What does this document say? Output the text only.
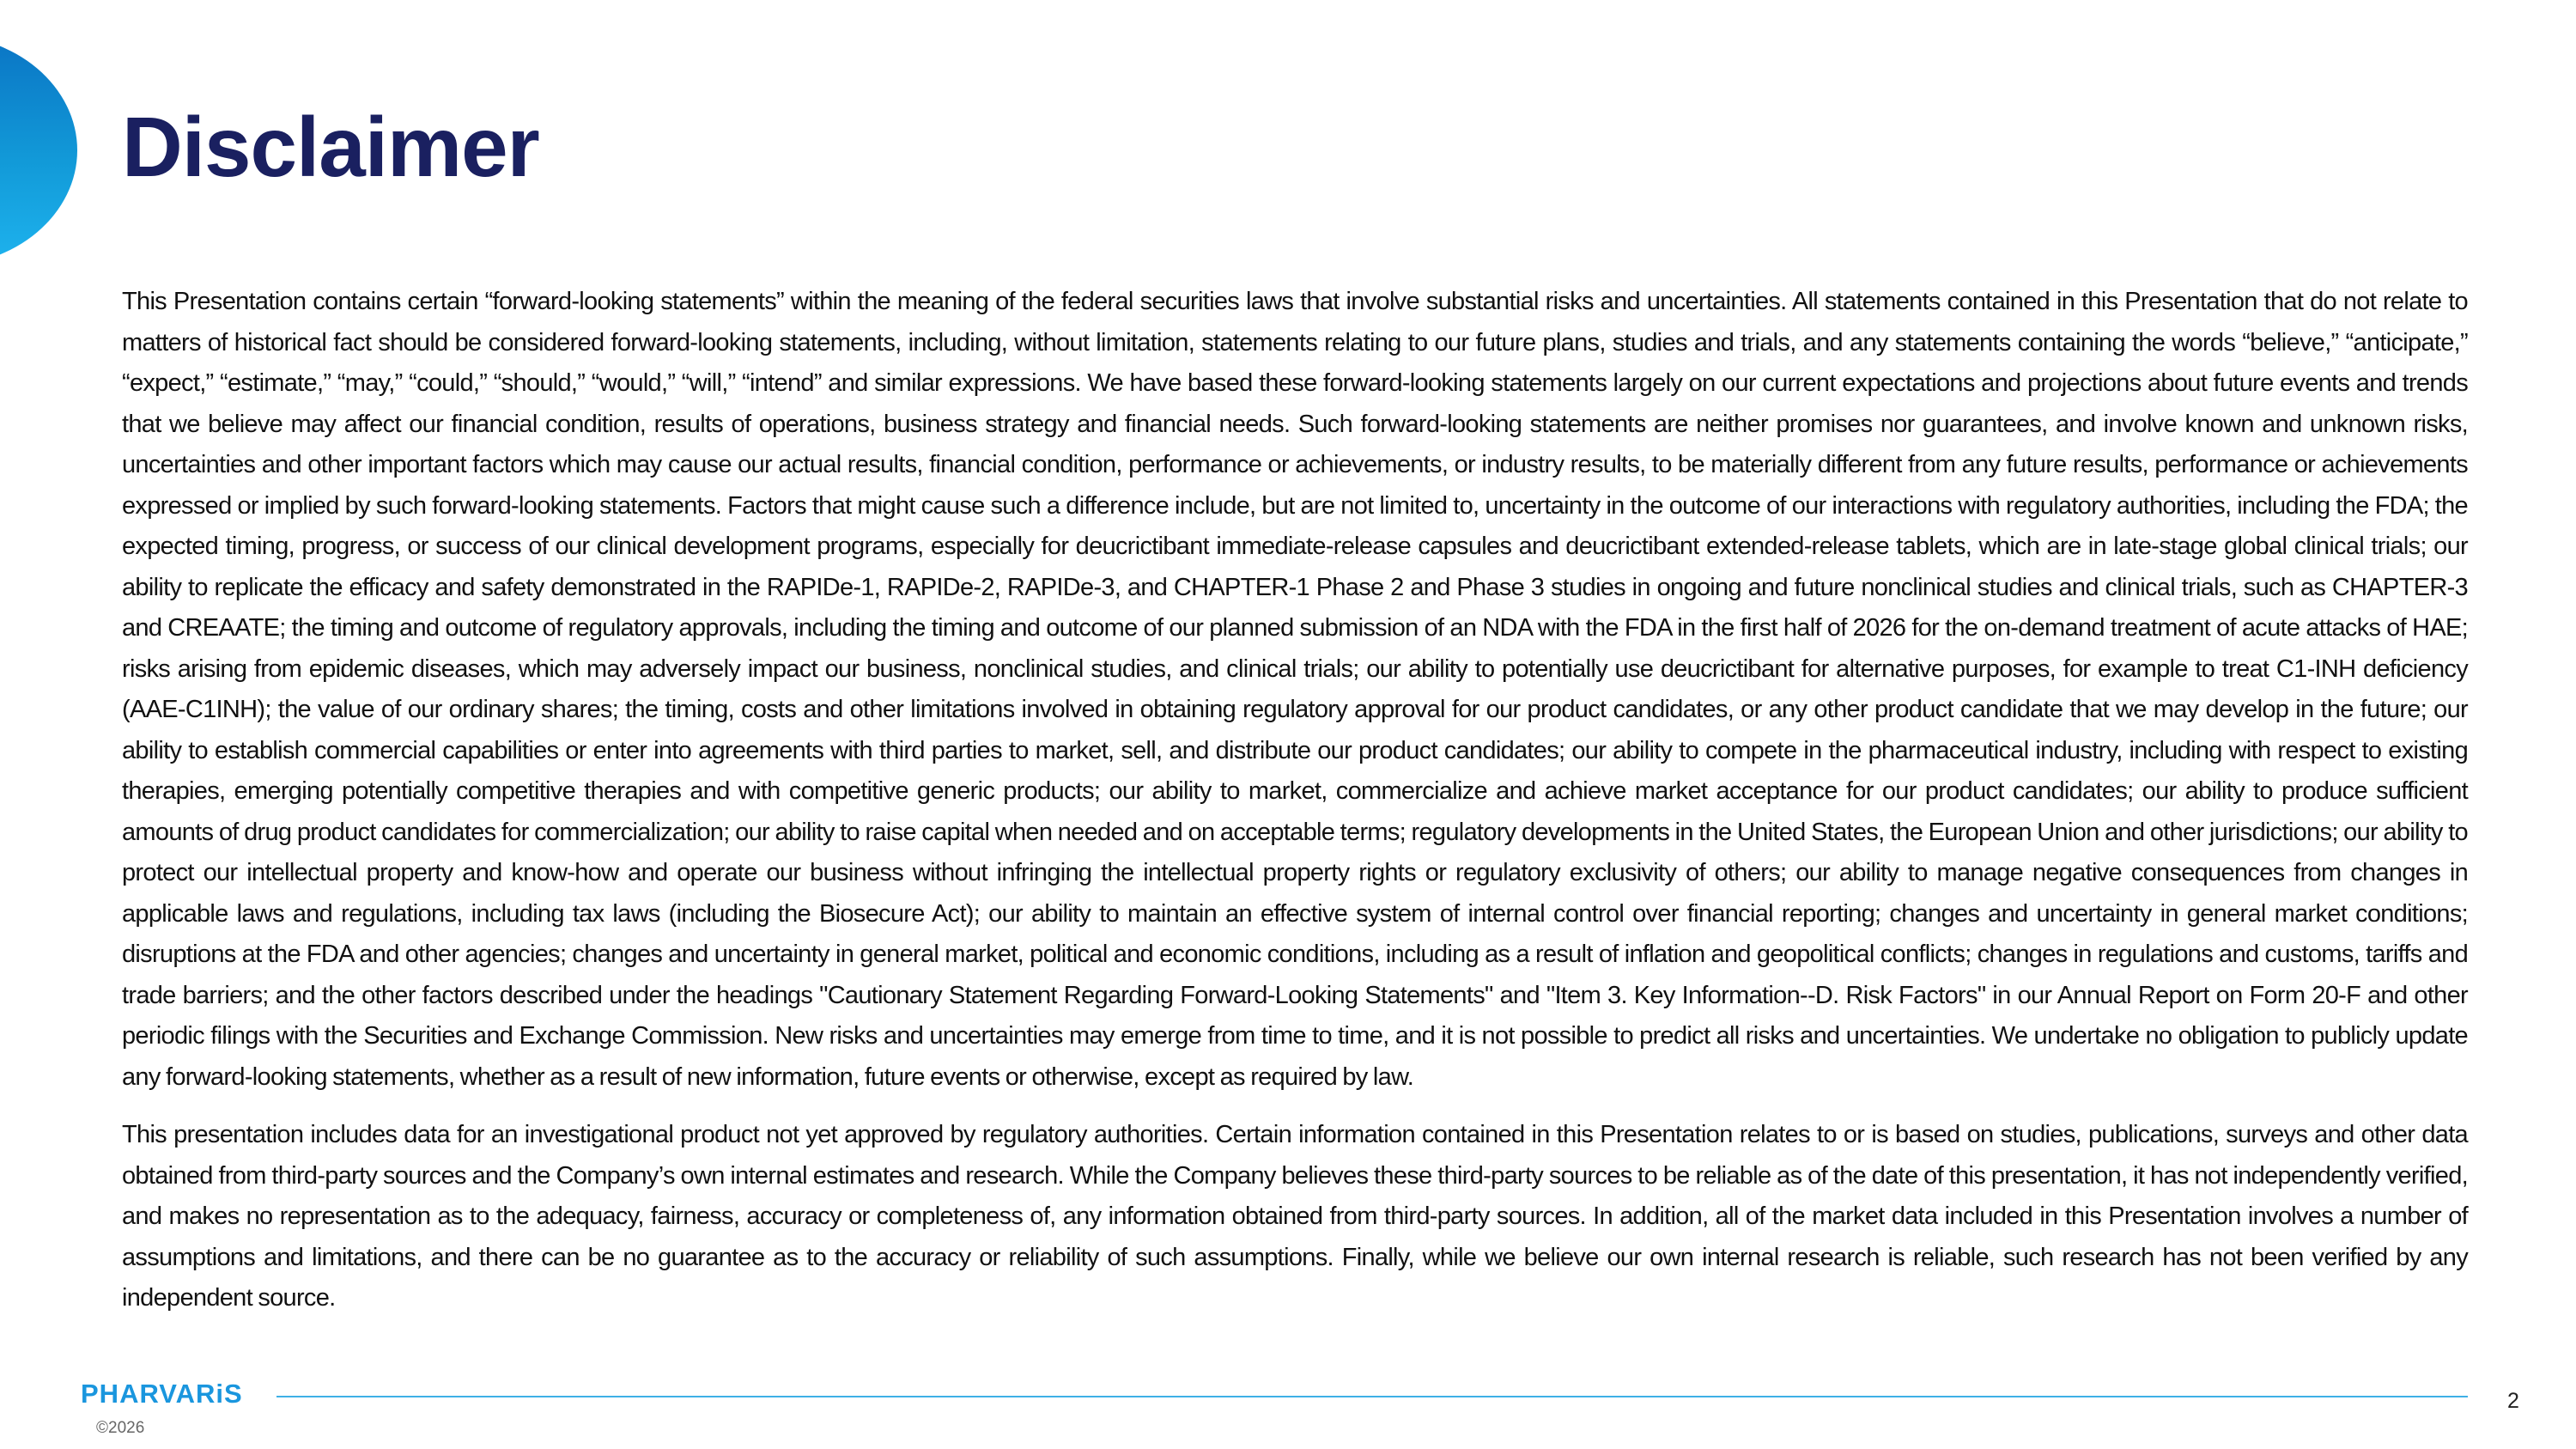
Disclaimer

This Presentation contains certain “forward-looking statements” within the meaning of the federal securities laws that involve substantial risks and uncertainties. All statements contained in this Presentation that do not relate to matters of historical fact should be considered forward-looking statements, including, without limitation, statements relating to our future plans, studies and trials, and any statements containing the words “believe,” “anticipate,” “expect,” “estimate,” “may,” “could,” “should,” “would,” “will,” “intend” and similar expressions. We have based these forward-looking statements largely on our current expectations and projections about future events and trends that we believe may affect our financial condition, results of operations, business strategy and financial needs. Such forward-looking statements are neither promises nor guarantees, and involve known and unknown risks, uncertainties and other important factors which may cause our actual results, financial condition, performance or achievements, or industry results, to be materially different from any future results, performance or achievements expressed or implied by such forward-looking statements. Factors that might cause such a difference include, but are not limited to, uncertainty in the outcome of our interactions with regulatory authorities, including the FDA; the expected timing, progress, or success of our clinical development programs, especially for deucrictibant immediate-release capsules and deucrictibant extended-release tablets, which are in late-stage global clinical trials; our ability to replicate the efficacy and safety demonstrated in the RAPIDe-1, RAPIDe-2, RAPIDe-3, and CHAPTER-1 Phase 2 and Phase 3 studies in ongoing and future nonclinical studies and clinical trials, such as CHAPTER-3 and CREAATE; the timing and outcome of regulatory approvals, including the timing and outcome of our planned submission of an NDA with the FDA in the first half of 2026 for the on-demand treatment of acute attacks of HAE; risks arising from epidemic diseases, which may adversely impact our business, nonclinical studies, and clinical trials; our ability to potentially use deucrictibant for alternative purposes, for example to treat C1-INH deficiency (AAE-C1INH); the value of our ordinary shares; the timing, costs and other limitations involved in obtaining regulatory approval for our product candidates, or any other product candidate that we may develop in the future; our ability to establish commercial capabilities or enter into agreements with third parties to market, sell, and distribute our product candidates; our ability to compete in the pharmaceutical industry, including with respect to existing therapies, emerging potentially competitive therapies and with competitive generic products; our ability to market, commercialize and achieve market acceptance for our product candidates; our ability to produce sufficient amounts of drug product candidates for commercialization; our ability to raise capital when needed and on acceptable terms; regulatory developments in the United States, the European Union and other jurisdictions; our ability to protect our intellectual property and know-how and operate our business without infringing the intellectual property rights or regulatory exclusivity of others; our ability to manage negative consequences from changes in applicable laws and regulations, including tax laws (including the Biosecure Act); our ability to maintain an effective system of internal control over financial reporting; changes and uncertainty in general market conditions; disruptions at the FDA and other agencies; changes and uncertainty in general market, political and economic conditions, including as a result of inflation and geopolitical conflicts; changes in regulations and customs, tariffs and trade barriers; and the other factors described under the headings "Cautionary Statement Regarding Forward-Looking Statements" and "Item 3. Key Information--D. Risk Factors" in our Annual Report on Form 20-F and other periodic filings with the Securities and Exchange Commission. New risks and uncertainties may emerge from time to time, and it is not possible to predict all risks and uncertainties. We undertake no obligation to publicly update any forward-looking statements, whether as a result of new information, future events or otherwise, except as required by law.

This presentation includes data for an investigational product not yet approved by regulatory authorities. Certain information contained in this Presentation relates to or is based on studies, publications, surveys and other data obtained from third-party sources and the Company’s own internal estimates and research. While the Company believes these third-party sources to be reliable as of the date of this presentation, it has not independently verified, and makes no representation as to the adequacy, fairness, accuracy or completeness of, any information obtained from third-party sources. In addition, all of the market data included in this Presentation involves a number of assumptions and limitations, and there can be no guarantee as to the accuracy or reliability of such assumptions. Finally, while we believe our own internal research is reliable, such research has not been verified by any independent source.

PHARVARiS
©2026
2
